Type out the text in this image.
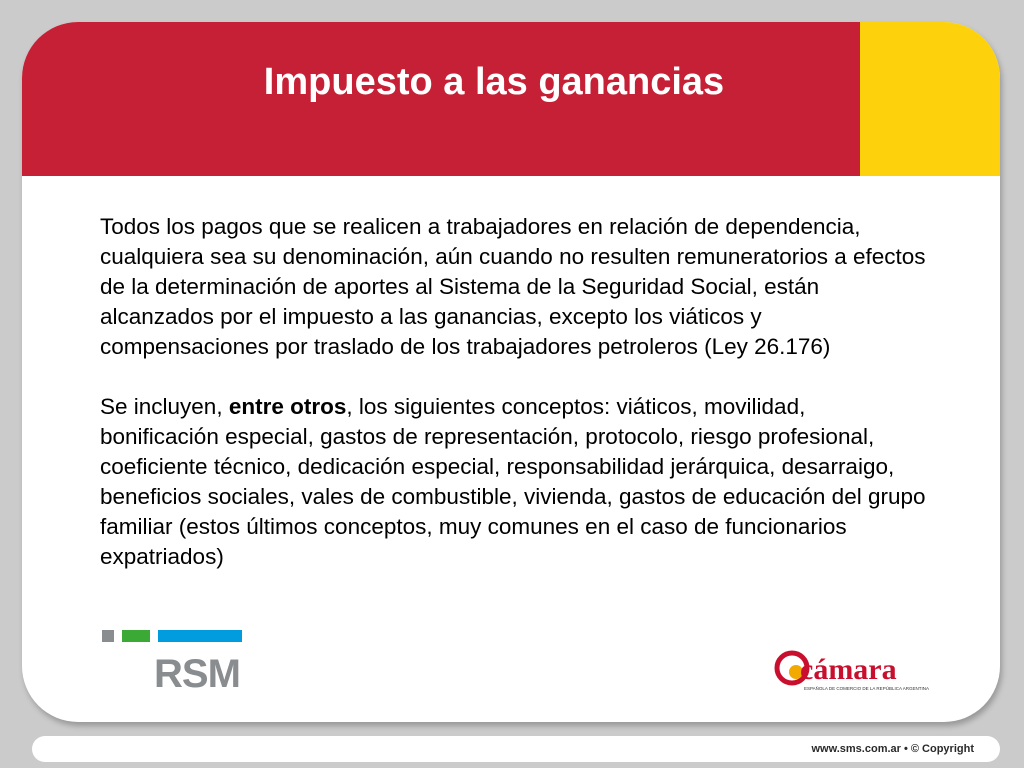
Impuesto a las ganancias

Todos los pagos que se realicen a trabajadores en relación de dependencia, cualquiera sea su denominación, aún cuando no resulten remuneratorios a efectos de la determinación de aportes al Sistema de la Seguridad Social, están alcanzados por el impuesto a las ganancias, excepto los viáticos y compensaciones por traslado de los trabajadores petroleros (Ley 26.176)

Se incluyen, entre otros, los siguientes conceptos: viáticos, movilidad, bonificación especial, gastos de representación, protocolo, riesgo profesional, coeficiente técnico, dedicación especial, responsabilidad jerárquica, desarraigo, beneficios sociales, vales de combustible, vivienda, gastos de educación del grupo familiar (estos últimos conceptos, muy comunes en el caso de funcionarios expatriados)

RSM	cámara
ESPAÑOLA DE COMERCIO DE LA REPÚBLICA ARGENTINA
www.sms.com.ar • © Copyright
